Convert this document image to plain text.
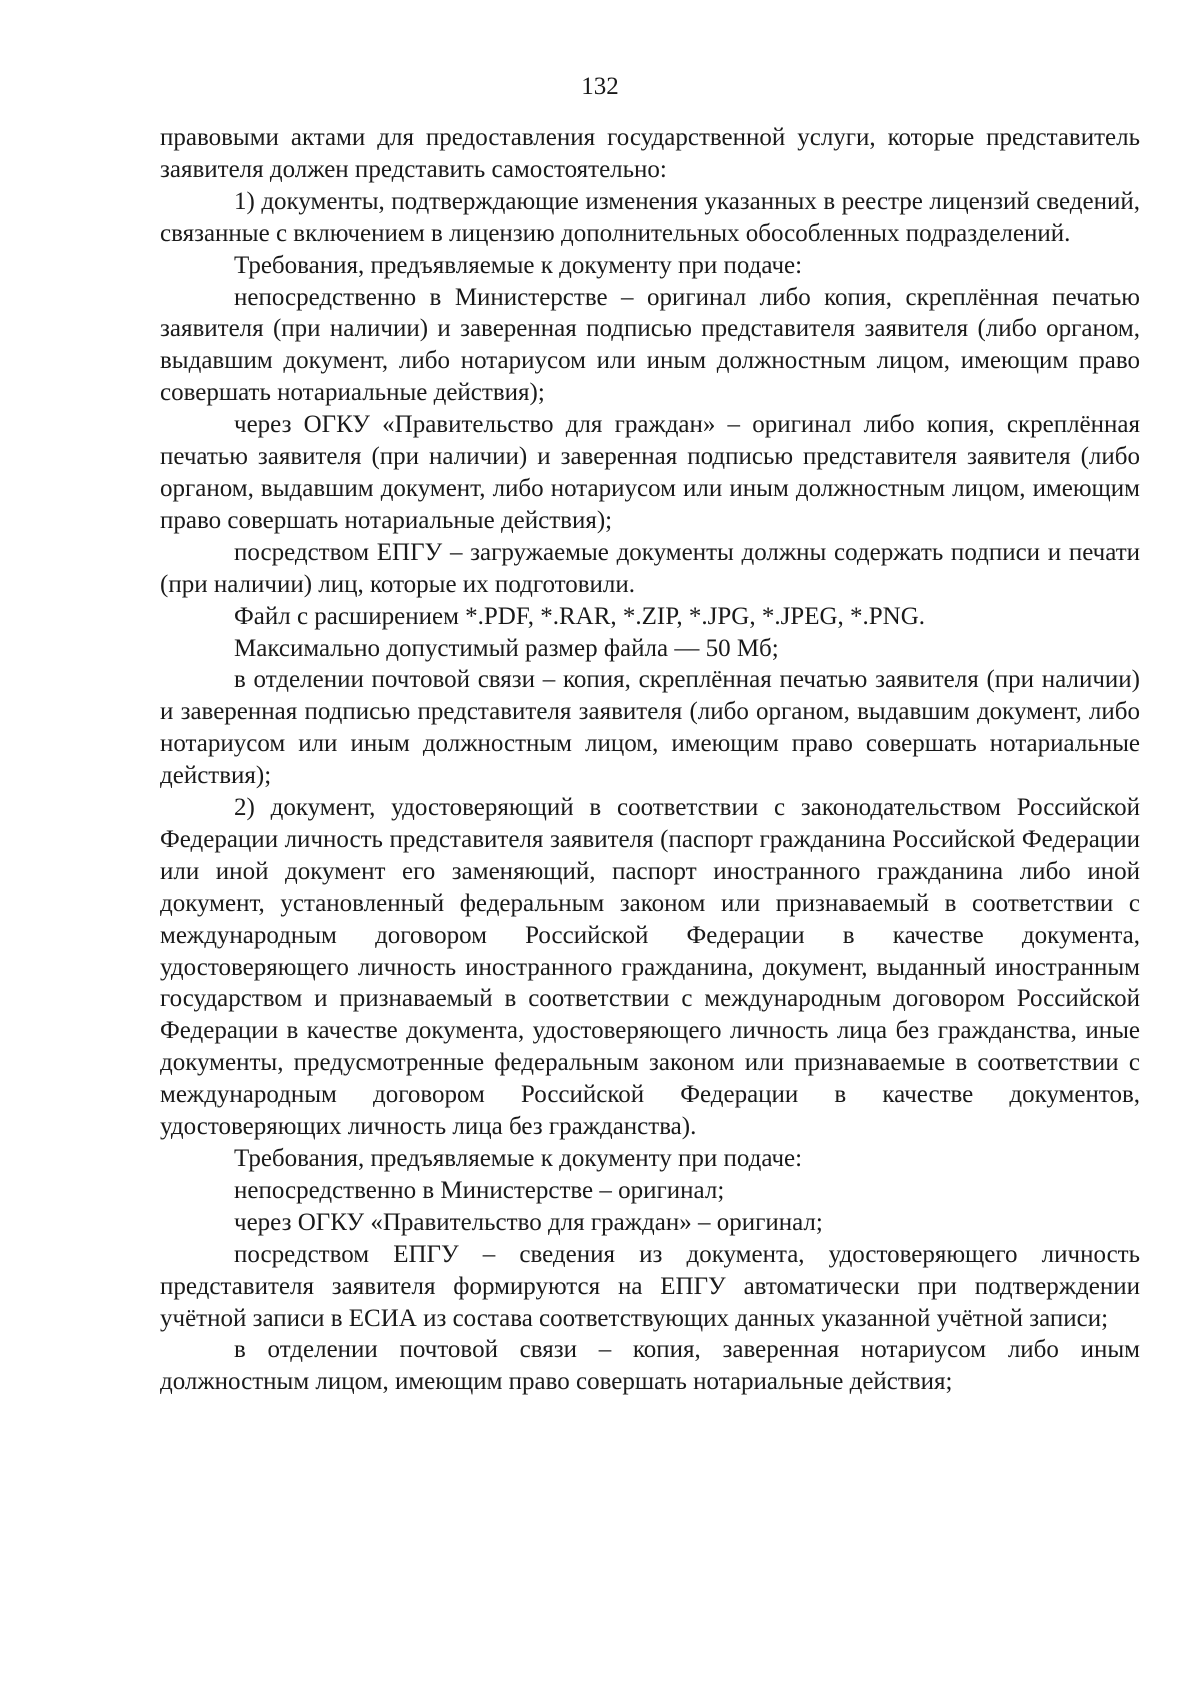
132

правовыми актами для предоставления государственной услуги, которые представитель заявителя должен представить самостоятельно:

1) документы, подтверждающие изменения указанных в реестре лицензий сведений, связанные с включением в лицензию дополнительных обособленных подразделений.

Требования, предъявляемые к документу при подаче:

непосредственно в Министерстве – оригинал либо копия, скреплённая печатью заявителя (при наличии) и заверенная подписью представителя заявителя (либо органом, выдавшим документ, либо нотариусом или иным должностным лицом, имеющим право совершать нотариальные действия);

через ОГКУ «Правительство для граждан» – оригинал либо копия, скреплённая печатью заявителя (при наличии) и заверенная подписью представителя заявителя (либо органом, выдавшим документ, либо нотариусом или иным должностным лицом, имеющим право совершать нотариальные действия);

посредством ЕПГУ – загружаемые документы должны содержать подписи и печати (при наличии) лиц, которые их подготовили.

Файл с расширением *.PDF, *.RAR, *.ZIP, *.JPG, *.JPEG, *.PNG.

Максимально допустимый размер файла — 50 Мб;

в отделении почтовой связи – копия, скреплённая печатью заявителя (при наличии) и заверенная подписью представителя заявителя (либо органом, выдавшим документ, либо нотариусом или иным должностным лицом, имеющим право совершать нотариальные действия);

2) документ, удостоверяющий в соответствии с законодательством Российской Федерации личность представителя заявителя (паспорт гражданина Российской Федерации или иной документ его заменяющий, паспорт иностранного гражданина либо иной документ, установленный федеральным законом или признаваемый в соответствии с международным договором Российской Федерации в качестве документа, удостоверяющего личность иностранного гражданина, документ, выданный иностранным государством и признаваемый в соответствии с международным договором Российской Федерации в качестве документа, удостоверяющего личность лица без гражданства, иные документы, предусмотренные федеральным законом или признаваемые в соответствии с международным договором Российской Федерации в качестве документов, удостоверяющих личность лица без гражданства).

Требования, предъявляемые к документу при подаче:

непосредственно в Министерстве – оригинал;

через ОГКУ «Правительство для граждан» – оригинал;

посредством ЕПГУ – сведения из документа, удостоверяющего личность представителя заявителя формируются на ЕПГУ автоматически при подтверждении учётной записи в ЕСИА из состава соответствующих данных указанной учётной записи;

в отделении почтовой связи – копия, заверенная нотариусом либо иным должностным лицом, имеющим право совершать нотариальные действия;
